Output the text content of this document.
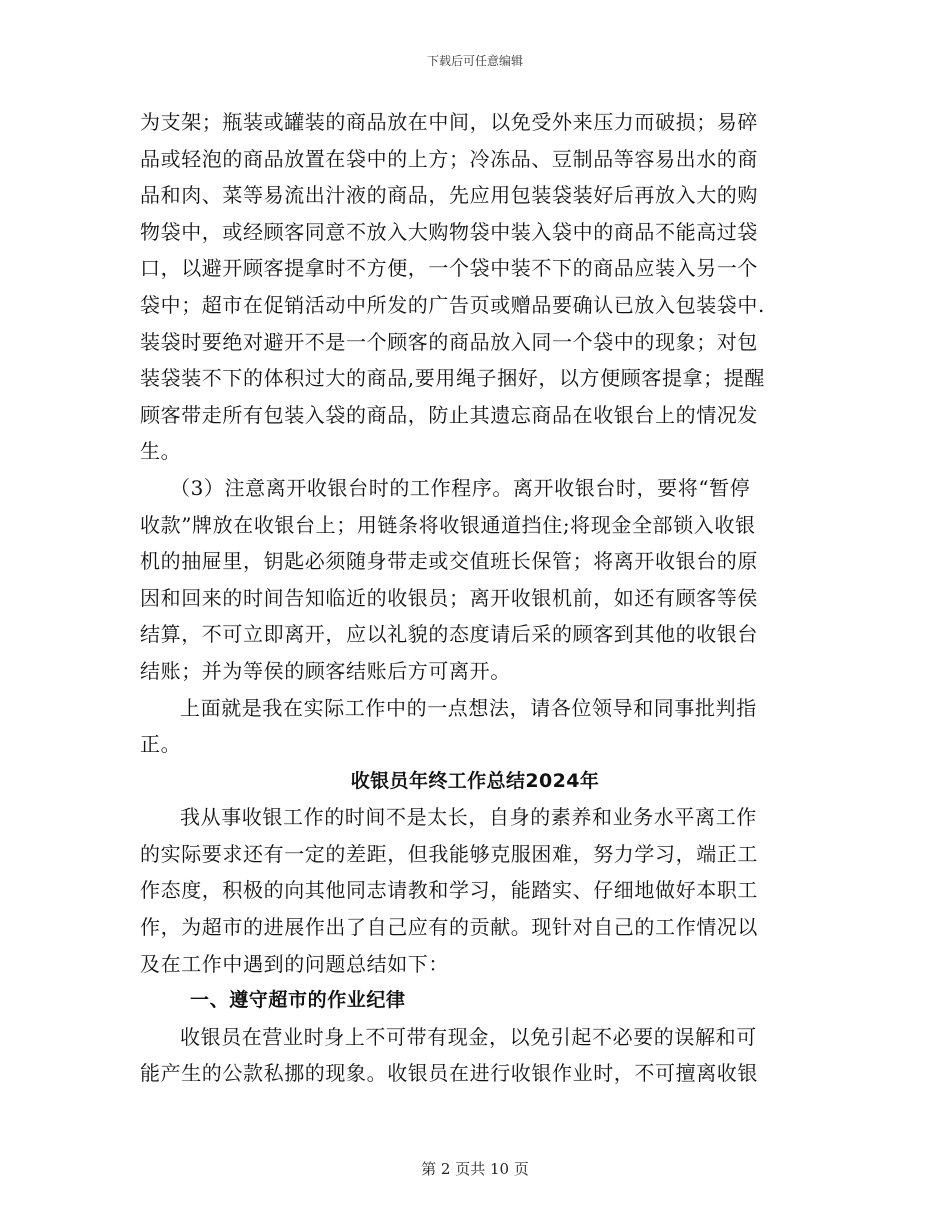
下载后可任意编辑
为支架；瓶装或罐装的商品放在中间，以免受外来压力而破损；易碎
品或轻泡的商品放置在袋中的上方；冷冻品、豆制品等容易出水的商
品和肉、菜等易流出汁液的商品，先应用包装袋装好后再放入大的购
物袋中，或经顾客同意不放入大购物袋中装入袋中的商品不能高过袋
口，以避开顾客提拿时不方便，一个袋中装不下的商品应装入另一个
袋中；超市在促销活动中所发的广告页或赠品要确认已放入包装袋中.
装袋时要绝对避开不是一个顾客的商品放入同一个袋中的现象；对包
装袋装不下的体积过大的商品,要用绳子捆好，以方便顾客提拿；提醒
顾客带走所有包装入袋的商品，防止其遗忘商品在收银台上的情况发
生。
（3）注意离开收银台时的工作程序。离开收银台时，要将“暂停
收款”牌放在收银台上；用链条将收银通道挡住;将现金全部锁入收银
机的抽屉里，钥匙必须随身带走或交值班长保管；将离开收银台的原
因和回来的时间告知临近的收银员；离开收银机前，如还有顾客等侯
结算，不可立即离开，应以礼貌的态度请后采的顾客到其他的收银台
结账；并为等侯的顾客结账后方可离开。
上面就是我在实际工作中的一点想法，请各位领导和同事批判指
正。
收银员年终工作总结2024年
我从事收银工作的时间不是太长，自身的素养和业务水平离工作
的实际要求还有一定的差距，但我能够克服困难，努力学习，端正工
作态度，积极的向其他同志请教和学习，能踏实、仔细地做好本职工
作，为超市的进展作出了自己应有的贡献。现针对自己的工作情况以
及在工作中遇到的问题总结如下：
一、遵守超市的作业纪律
收银员在营业时身上不可带有现金，以免引起不必要的误解和可
能产生的公款私挪的现象。收银员在进行收银作业时，不可擅离收银
第 2 页共 10 页
